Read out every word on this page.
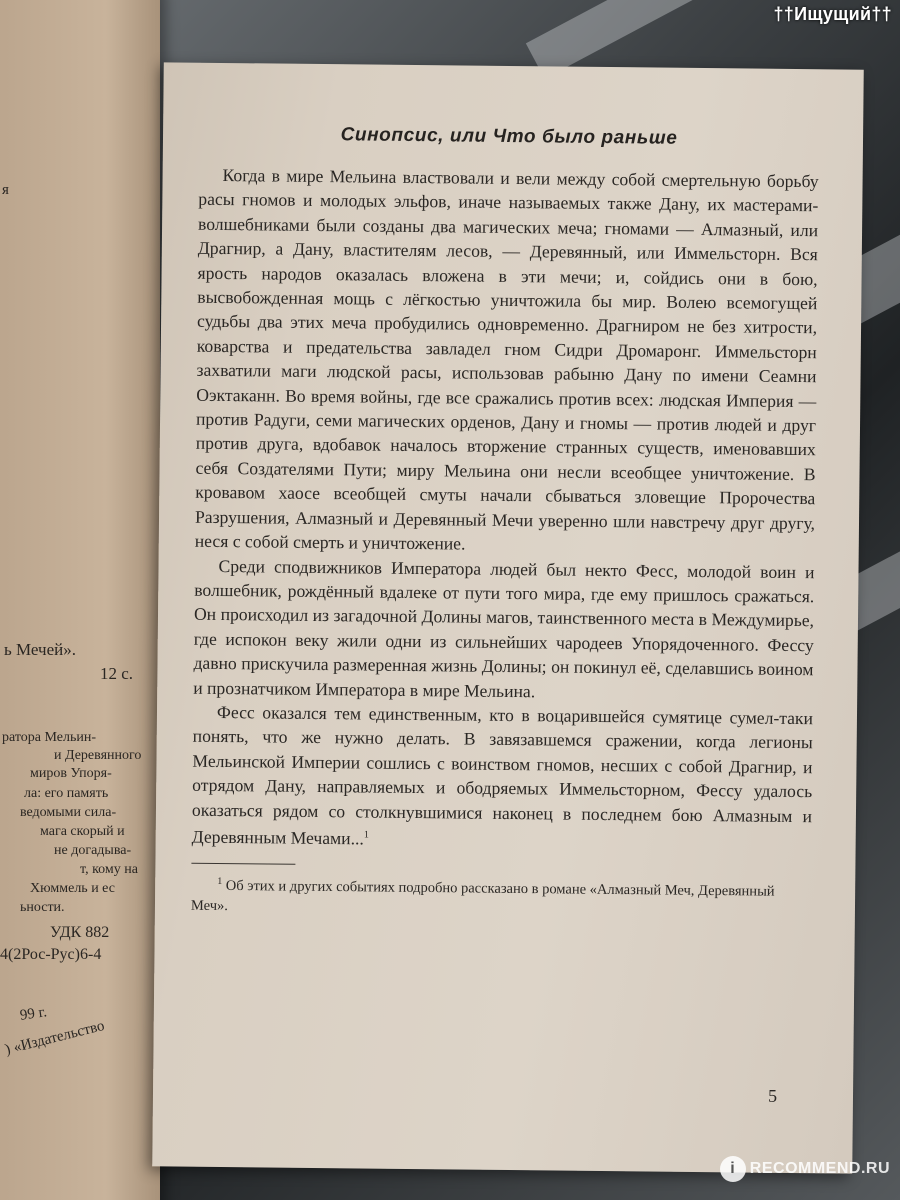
я
ь Мечей».
12 с.
ратора Мельин-
и Деревянного
миров Упоря-
ла: его память
ведомыми сила-
мага скорый и
не догадыва-
т, кому на
Хюммель и ес
ьности.
УДК 882
4(2Рос-Рус)6-4
99 г.
) «Издательство
Синопсис, или Что было раньше

Когда в мире Мельина властвовали и вели между собой смертельную борьбу расы гномов и молодых эльфов, иначе называемых также Дану, их мастерами-волшебниками были созданы два магических меча; гномами — Алмазный, или Драгнир, а Дану, властителям лесов, — Деревянный, или Иммельсторн. Вся ярость народов оказалась вложена в эти мечи; и, сойдись они в бою, высвобожденная мощь с лёгкостью уничтожила бы мир. Волею всемогущей судьбы два этих меча пробудились одновременно. Драгниром не без хитрости, коварства и предательства завладел гном Сидри Дромаронг. Иммельсторн захватили маги людской расы, использовав рабыню Дану по имени Сеамни Оэктаканн. Во время войны, где все сражались против всех: людская Империя — против Радуги, семи магических орденов, Дану и гномы — против людей и друг против друга, вдобавок началось вторжение странных существ, именовавших себя Создателями Пути; миру Мельина они несли всеобщее уничтожение. В кровавом хаосе всеобщей смуты начали сбываться зловещие Пророчества Разрушения, Алмазный и Деревянный Мечи уверенно шли навстречу друг другу, неся с собой смерть и уничтожение.

Среди сподвижников Императора людей был некто Фесс, молодой воин и волшебник, рождённый вдалеке от пути того мира, где ему пришлось сражаться. Он происходил из загадочной Долины магов, таинственного места в Междумирье, где испокон веку жили одни из сильнейших чародеев Упорядоченного. Фессу давно прискучила размеренная жизнь Долины; он покинул её, сделавшись воином и прознатчиком Императора в мире Мельина.

Фесс оказался тем единственным, кто в воцарившейся сумятице сумел-таки понять, что же нужно делать. В завязавшемся сражении, когда легионы Мельинской Империи сошлись с воинством гномов, несших с собой Драгнир, и отрядом Дану, направляемых и ободряемых Иммельсторном, Фессу удалось оказаться рядом со столкнувшимися наконец в последнем бою Алмазным и Деревянным Мечами...$^1$

$^1$ Об этих и других событиях подробно рассказано в романе «Алмазный Меч, Деревянный Меч».

5
††Ищущий††
i RECOMMEND.RU
